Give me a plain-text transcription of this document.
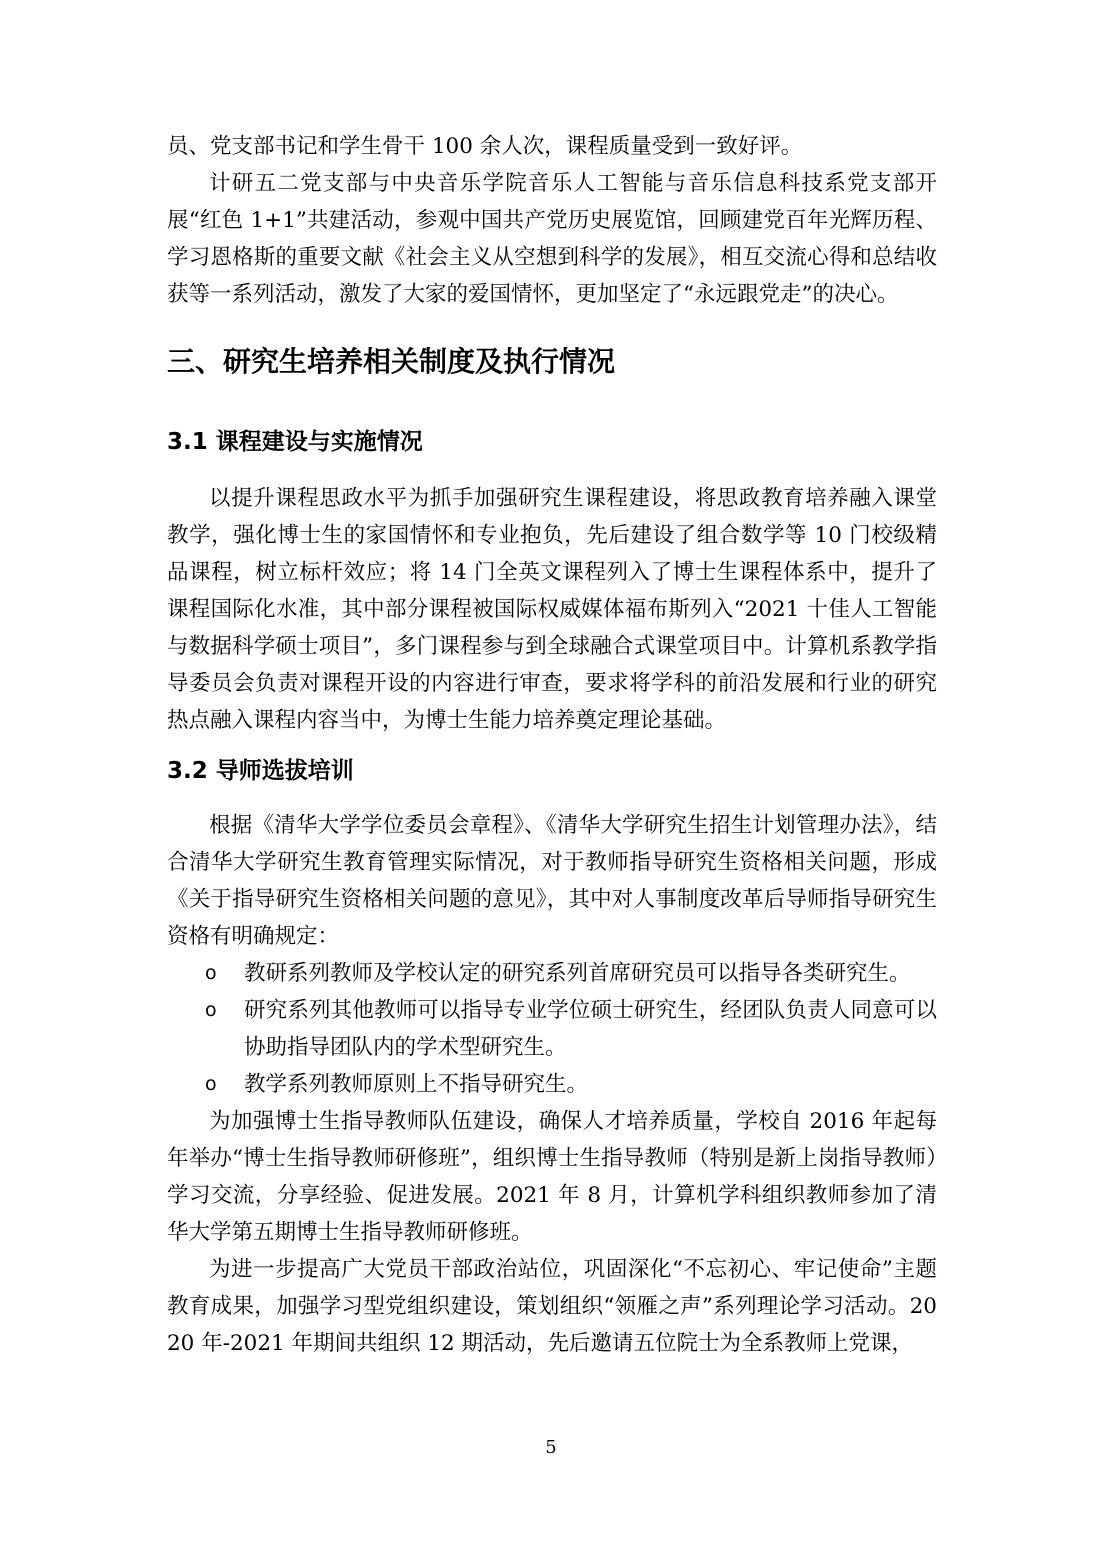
员、党支部书记和学生骨干 100 余人次，课程质量受到一致好评。

计研五二党支部与中央音乐学院音乐人工智能与音乐信息科技系党支部开展“红色 1+1”共建活动，参观中国共产党历史展览馆，回顾建党百年光辉历程、学习恩格斯的重要文献《社会主义从空想到科学的发展》，相互交流心得和总结收获等一系列活动，激发了大家的爱国情怀，更加坚定了“永远跟党走”的决心。

三、研究生培养相关制度及执行情况
3.1 课程建设与实施情况

以提升课程思政水平为抓手加强研究生课程建设，将思政教育培养融入课堂教学，强化博士生的家国情怀和专业抱负，先后建设了组合数学等 10 门校级精品课程，树立标杆效应；将 14 门全英文课程列入了博士生课程体系中，提升了课程国际化水准，其中部分课程被国际权威媒体福布斯列入“2021 十佳人工智能与数据科学硕士项目”，多门课程参与到全球融合式课堂项目中。计算机系教学指导委员会负责对课程开设的内容进行审查，要求将学科的前沿发展和行业的研究热点融入课程内容当中，为博士生能力培养奠定理论基础。

3.2 导师选拔培训

根据《清华大学学位委员会章程》、《清华大学研究生招生计划管理办法》，结合清华大学研究生教育管理实际情况，对于教师指导研究生资格相关问题，形成《关于指导研究生资格相关问题的意见》，其中对人事制度改革后导师指导研究生资格有明确规定：

o 教研系列教师及学校认定的研究系列首席研究员可以指导各类研究生。
o 研究系列其他教师可以指导专业学位硕士研究生，经团队负责人同意可以协助指导团队内的学术型研究生。
o 教学系列教师原则上不指导研究生。

为加强博士生指导教师队伍建设，确保人才培养质量，学校自 2016 年起每年举办“博士生指导教师研修班”，组织博士生指导教师（特别是新上岗指导教师）学习交流，分享经验、促进发展。2021 年 8 月，计算机学科组织教师参加了清华大学第五期博士生指导教师研修班。

为进一步提高广大党员干部政治站位，巩固深化“不忘初心、牢记使命”主题教育成果，加强学习型党组织建设，策划组织“领雁之声”系列理论学习活动。2020 年-2021 年期间共组织 12 期活动，先后邀请五位院士为全系教师上党课，

5
